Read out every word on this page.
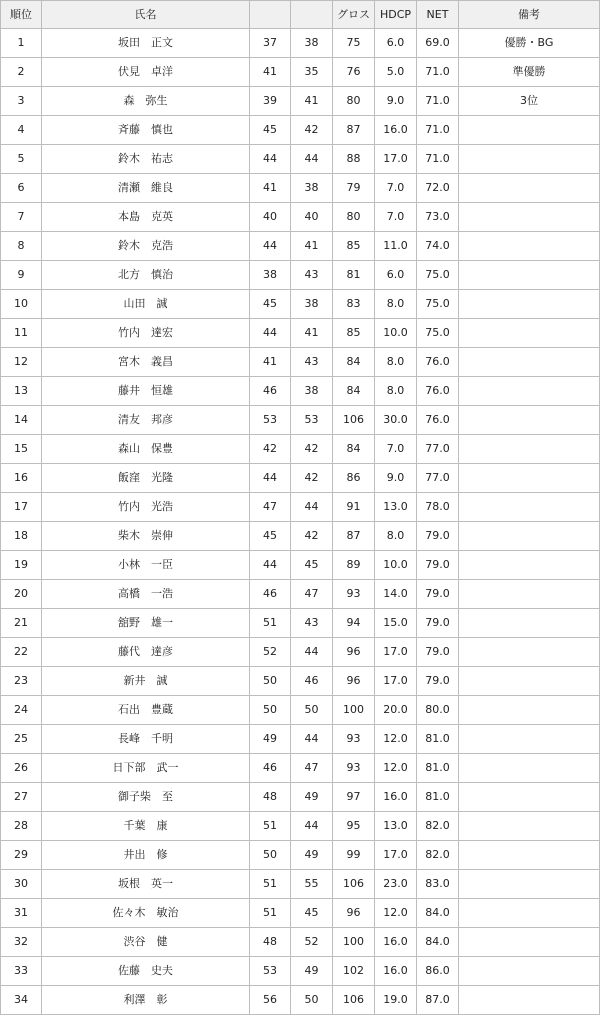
順位	氏名			グロス	HDCP	NET	備考
1	坂田　正文	37	38	75	6.0	69.0	優勝・BG
2	伏見　卓洋	41	35	76	5.0	71.0	準優勝
3	森　弥生	39	41	80	9.0	71.0	3位
4	斉藤　慎也	45	42	87	16.0	71.0	
5	鈴木　祐志	44	44	88	17.0	71.0	
6	清瀬　維良	41	38	79	7.0	72.0	
7	本島　克英	40	40	80	7.0	73.0	
8	鈴木　克浩	44	41	85	11.0	74.0	
9	北方　慎治	38	43	81	6.0	75.0	
10	山田　誠	45	38	83	8.0	75.0	
11	竹内　達宏	44	41	85	10.0	75.0	
12	宮木　義昌	41	43	84	8.0	76.0	
13	藤井　恒雄	46	38	84	8.0	76.0	
14	清友　邦彦	53	53	106	30.0	76.0	
15	森山　保豊	42	42	84	7.0	77.0	
16	飯窪　光隆	44	42	86	9.0	77.0	
17	竹内　光浩	47	44	91	13.0	78.0	
18	柴木　崇伸	45	42	87	8.0	79.0	
19	小林　一臣	44	45	89	10.0	79.0	
20	高橋　一浩	46	47	93	14.0	79.0	
21	舘野　雄一	51	43	94	15.0	79.0	
22	藤代　達彦	52	44	96	17.0	79.0	
23	新井　誠	50	46	96	17.0	79.0	
24	石出　豊蔵	50	50	100	20.0	80.0	
25	長峰　千明	49	44	93	12.0	81.0	
26	日下部　武一	46	47	93	12.0	81.0	
27	御子柴　至	48	49	97	16.0	81.0	
28	千葉　康	51	44	95	13.0	82.0	
29	井出　修	50	49	99	17.0	82.0	
30	坂根　英一	51	55	106	23.0	83.0	
31	佐々木　敏治	51	45	96	12.0	84.0	
32	渋谷　健	48	52	100	16.0	84.0	
33	佐藤　史夫	53	49	102	16.0	86.0	
34	利澤　彰	56	50	106	19.0	87.0	
